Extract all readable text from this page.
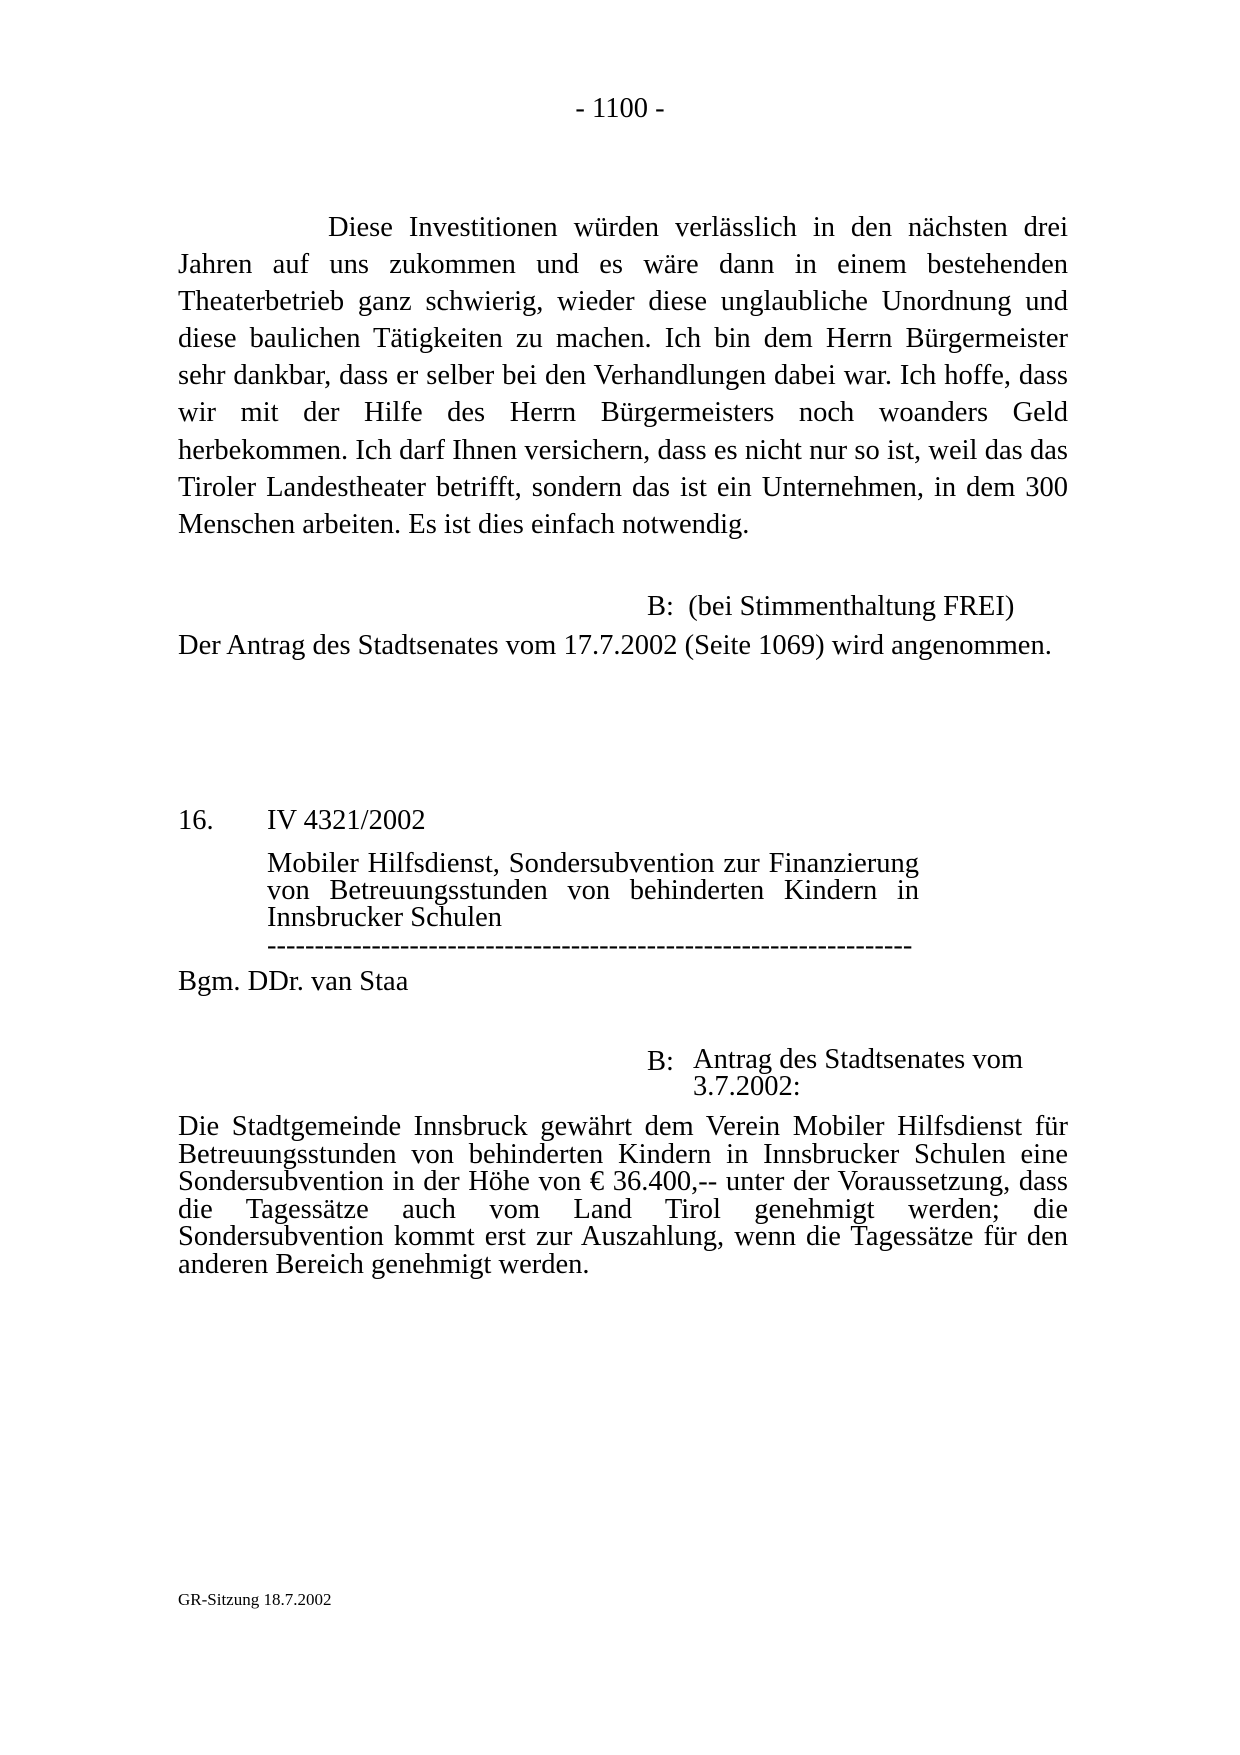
- 1100 -

Diese Investitionen würden verlässlich in den nächsten drei Jahren auf uns zukommen und es wäre dann in einem bestehenden Theaterbetrieb ganz schwierig, wieder diese unglaubliche Unordnung und diese baulichen Tätigkeiten zu machen. Ich bin dem Herrn Bürgermeister sehr dankbar, dass er selber bei den Verhandlungen dabei war. Ich hoffe, dass wir mit der Hilfe des Herrn Bürgermeisters noch woanders Geld herbekommen. Ich darf Ihnen versichern, dass es nicht nur so ist, weil das das Tiroler Landestheater betrifft, sondern das ist ein Unternehmen, in dem 300 Menschen arbeiten. Es ist dies einfach notwendig.

B: (bei Stimmenthaltung FREI)

Der Antrag des Stadtsenates vom 17.7.2002 (Seite 1069) wird angenommen.

16. IV 4321/2002

Mobiler Hilfsdienst, Sondersubvention zur Finanzierung von Betreuungsstunden von behinderten Kindern in Innsbrucker Schulen

--------------------------------------------------------------------
Bgm. DDr. van Staa
B: Antrag des Stadtsenates vom 3.7.2002:

Die Stadtgemeinde Innsbruck gewährt dem Verein Mobiler Hilfsdienst für Betreuungsstunden von behinderten Kindern in Innsbrucker Schulen eine Sondersubvention in der Höhe von € 36.400,-- unter der Voraussetzung, dass die Tagessätze auch vom Land Tirol genehmigt werden; die Sondersubvention kommt erst zur Auszahlung, wenn die Tagessätze für den anderen Bereich genehmigt werden.

GR-Sitzung 18.7.2002
